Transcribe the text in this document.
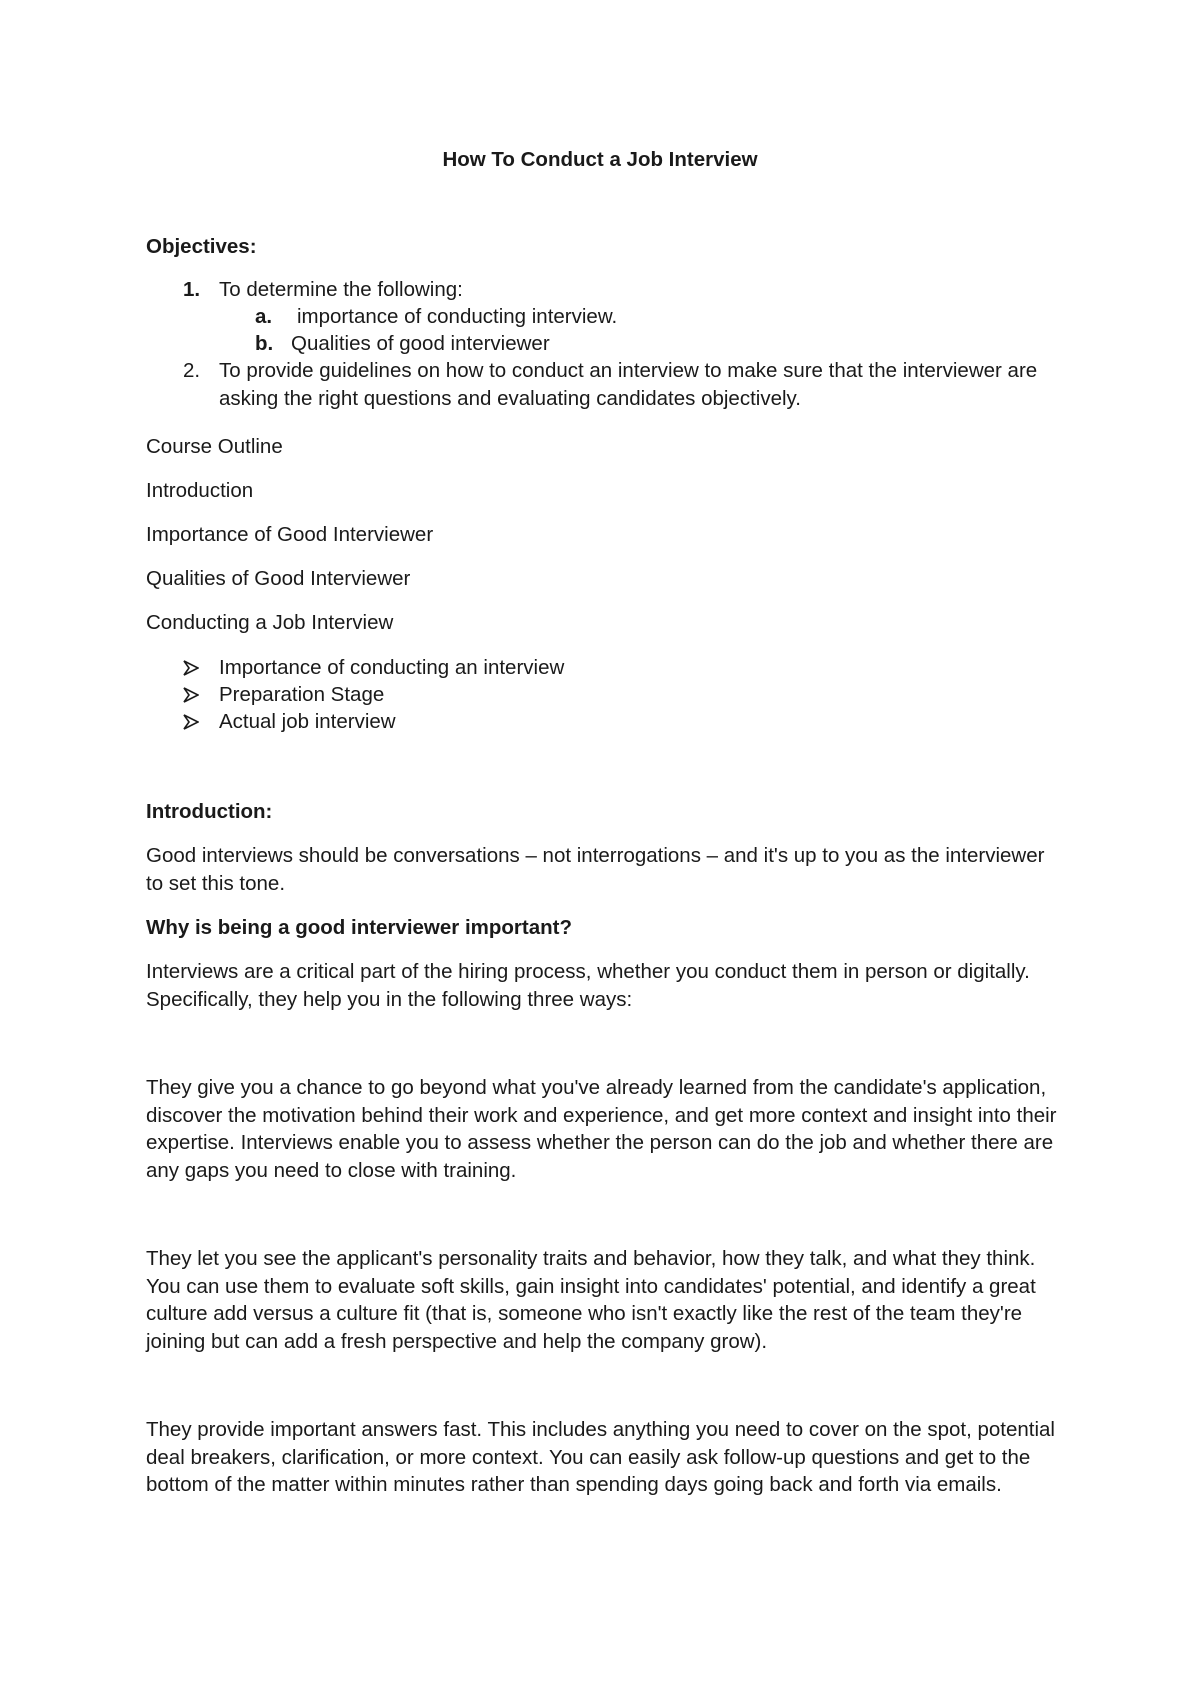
How To Conduct a Job Interview
Objectives:
1. To determine the following:
a. importance of conducting interview.
b. Qualities of good interviewer
2. To provide guidelines on how to conduct an interview to make sure that the interviewer are asking the right questions and evaluating candidates objectively.
Course Outline
Introduction
Importance of Good Interviewer
Qualities of Good Interviewer
Conducting a Job Interview
Importance of conducting an interview
Preparation Stage
Actual job interview
Introduction:
Good interviews should be conversations – not interrogations – and it's up to you as the interviewer to set this tone.
Why is being a good interviewer important?
Interviews are a critical part of the hiring process, whether you conduct them in person or digitally. Specifically, they help you in the following three ways:
They give you a chance to go beyond what you've already learned from the candidate's application, discover the motivation behind their work and experience, and get more context and insight into their expertise. Interviews enable you to assess whether the person can do the job and whether there are any gaps you need to close with training.
They let you see the applicant's personality traits and behavior, how they talk, and what they think. You can use them to evaluate soft skills, gain insight into candidates' potential, and identify a great culture add versus a culture fit (that is, someone who isn't exactly like the rest of the team they're joining but can add a fresh perspective and help the company grow).
They provide important answers fast. This includes anything you need to cover on the spot, potential deal breakers, clarification, or more context. You can easily ask follow-up questions and get to the bottom of the matter within minutes rather than spending days going back and forth via emails.
